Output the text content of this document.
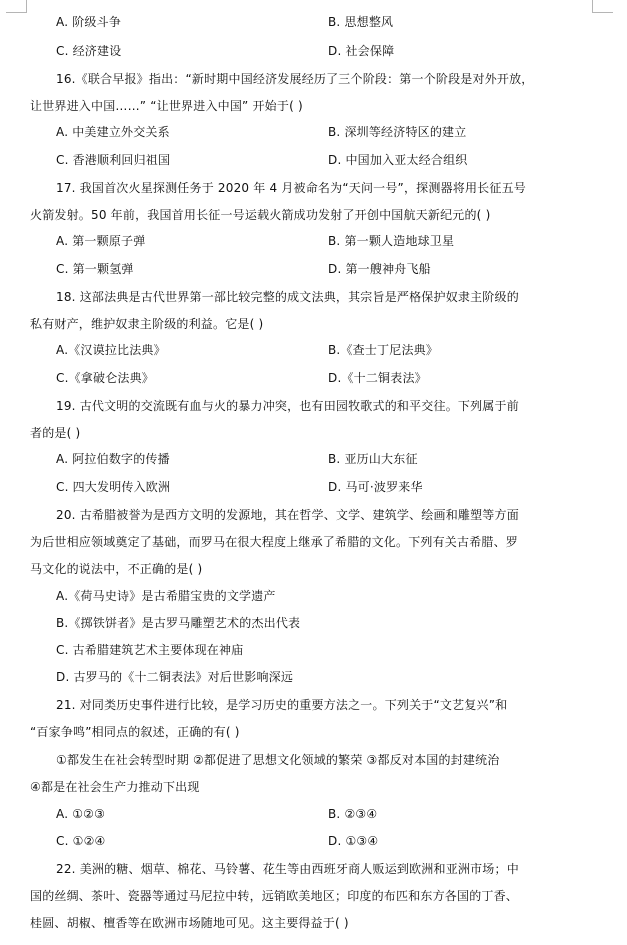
A. 阶级斗争	B. 思想整风
C. 经济建设	D. 社会保障
16.《联合早报》指出：“新时期中国经济发展经历了三个阶段：第一个阶段是对外开放，
让世界进入中国……” “让世界进入中国” 开始于( )
A. 中美建立外交关系	B. 深圳等经济特区的建立
C. 香港顺利回归祖国	D. 中国加入亚太经合组织
17. 我国首次火星探测任务于 2020 年 4 月被命名为“天问一号”，探测器将用长征五号
火箭发射。50 年前，我国首用长征一号运载火箭成功发射了开创中国航天新纪元的( )
A. 第一颗原子弹	B. 第一颗人造地球卫星
C. 第一颗氢弹	D. 第一艘神舟飞船
18. 这部法典是古代世界第一部比较完整的成文法典，其宗旨是严格保护奴隶主阶级的
私有财产，维护奴隶主阶级的利益。它是( )
A.《汉谟拉比法典》	B.《查士丁尼法典》
C.《拿破仑法典》	D.《十二铜表法》
19. 古代文明的交流既有血与火的暴力冲突，也有田园牧歌式的和平交往。下列属于前
者的是( )
A. 阿拉伯数字的传播	B. 亚历山大东征
C. 四大发明传入欧洲	D. 马可·波罗来华
20. 古希腊被誉为是西方文明的发源地，其在哲学、文学、建筑学、绘画和雕塑等方面
为后世相应领域奠定了基础，而罗马在很大程度上继承了希腊的文化。下列有关古希腊、罗
马文化的说法中，不正确的是( )
A.《荷马史诗》是古希腊宝贵的文学遗产
B.《掷铁饼者》是古罗马雕塑艺术的杰出代表
C. 古希腊建筑艺术主要体现在神庙
D. 古罗马的《十二铜表法》对后世影响深远
21. 对同类历史事件进行比较，是学习历史的重要方法之一。下列关于“文艺复兴”和
“百家争鸣”相同点的叙述，正确的有( )
①都发生在社会转型时期 ②都促进了思想文化领域的繁荣 ③都反对本国的封建统治
④都是在社会生产力推动下出现
A. ①②③	B. ②③④
C. ①②④	D. ①③④
22. 美洲的糖、烟草、棉花、马铃薯、花生等由西班牙商人贩运到欧洲和亚洲市场；中
国的丝绸、茶叶、瓷器等通过马尼拉中转，远销欧美地区；印度的布匹和东方各国的丁香、
桂圆、胡椒、檀香等在欧洲市场随地可见。这主要得益于( )
